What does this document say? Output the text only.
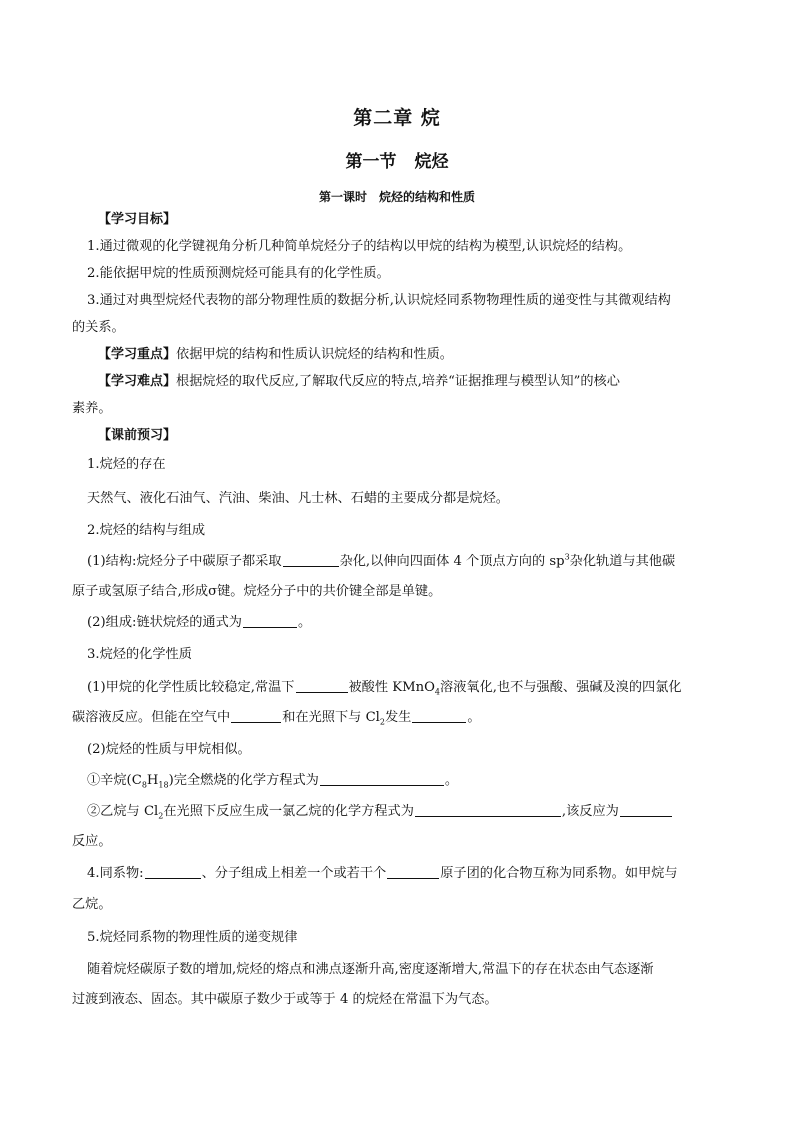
第二章 烷
第一节 烷烃
第一课时 烷烃的结构和性质
【学习目标】
1.通过微观的化学键视角分析几种简单烷烃分子的结构以甲烷的结构为模型,认识烷烃的结构。
2.能依据甲烷的性质预测烷烃可能具有的化学性质。
3.通过对典型烷烃代表物的部分物理性质的数据分析,认识烷烃同系物物理性质的递变性与其微观结构
的关系。
【学习重点】依据甲烷的结构和性质认识烷烃的结构和性质。
【学习难点】根据烷烃的取代反应,了解取代反应的特点,培养“证据推理与模型认知”的核心
素养。
【课前预习】
1.烷烃的存在
天然气、液化石油气、汽油、柴油、凡士林、石蜡的主要成分都是烷烃。
2.烷烃的结构与组成
(1)结构:烷烃分子中碳原子都采取	杂化,以伸向四面体 4 个顶点方向的 $sp^3$杂化轨道与其他碳
原子或氢原子结合,形成σ键。烷烃分子中的共价键全部是单键。
(2)组成:链状烷烃的通式为	。
3.烷烃的化学性质
(1)甲烷的化学性质比较稳定,常温下	被酸性 KMnO$_4$溶液氧化,也不与强酸、强碱及溴的四氯化
碳溶液反应。但能在空气中	和在光照下与 $Cl_2$发生	。
(2)烷烃的性质与甲烷相似。
①辛烷$(C_8H_{18})$完全燃烧的化学方程式为	。
②乙烷与 $Cl_2$在光照下反应生成一氯乙烷的化学方程式为	,该反应为
反应。
4.同系物:	、分子组成上相差一个或若干个	原子团的化合物互称为同系物。如甲烷与
乙烷。
5.烷烃同系物的物理性质的递变规律
随着烷烃碳原子数的增加,烷烃的熔点和沸点逐渐升高,密度逐渐增大,常温下的存在状态由气态逐渐
过渡到液态、固态。其中碳原子数少于或等于 4 的烷烃在常温下为气态。
